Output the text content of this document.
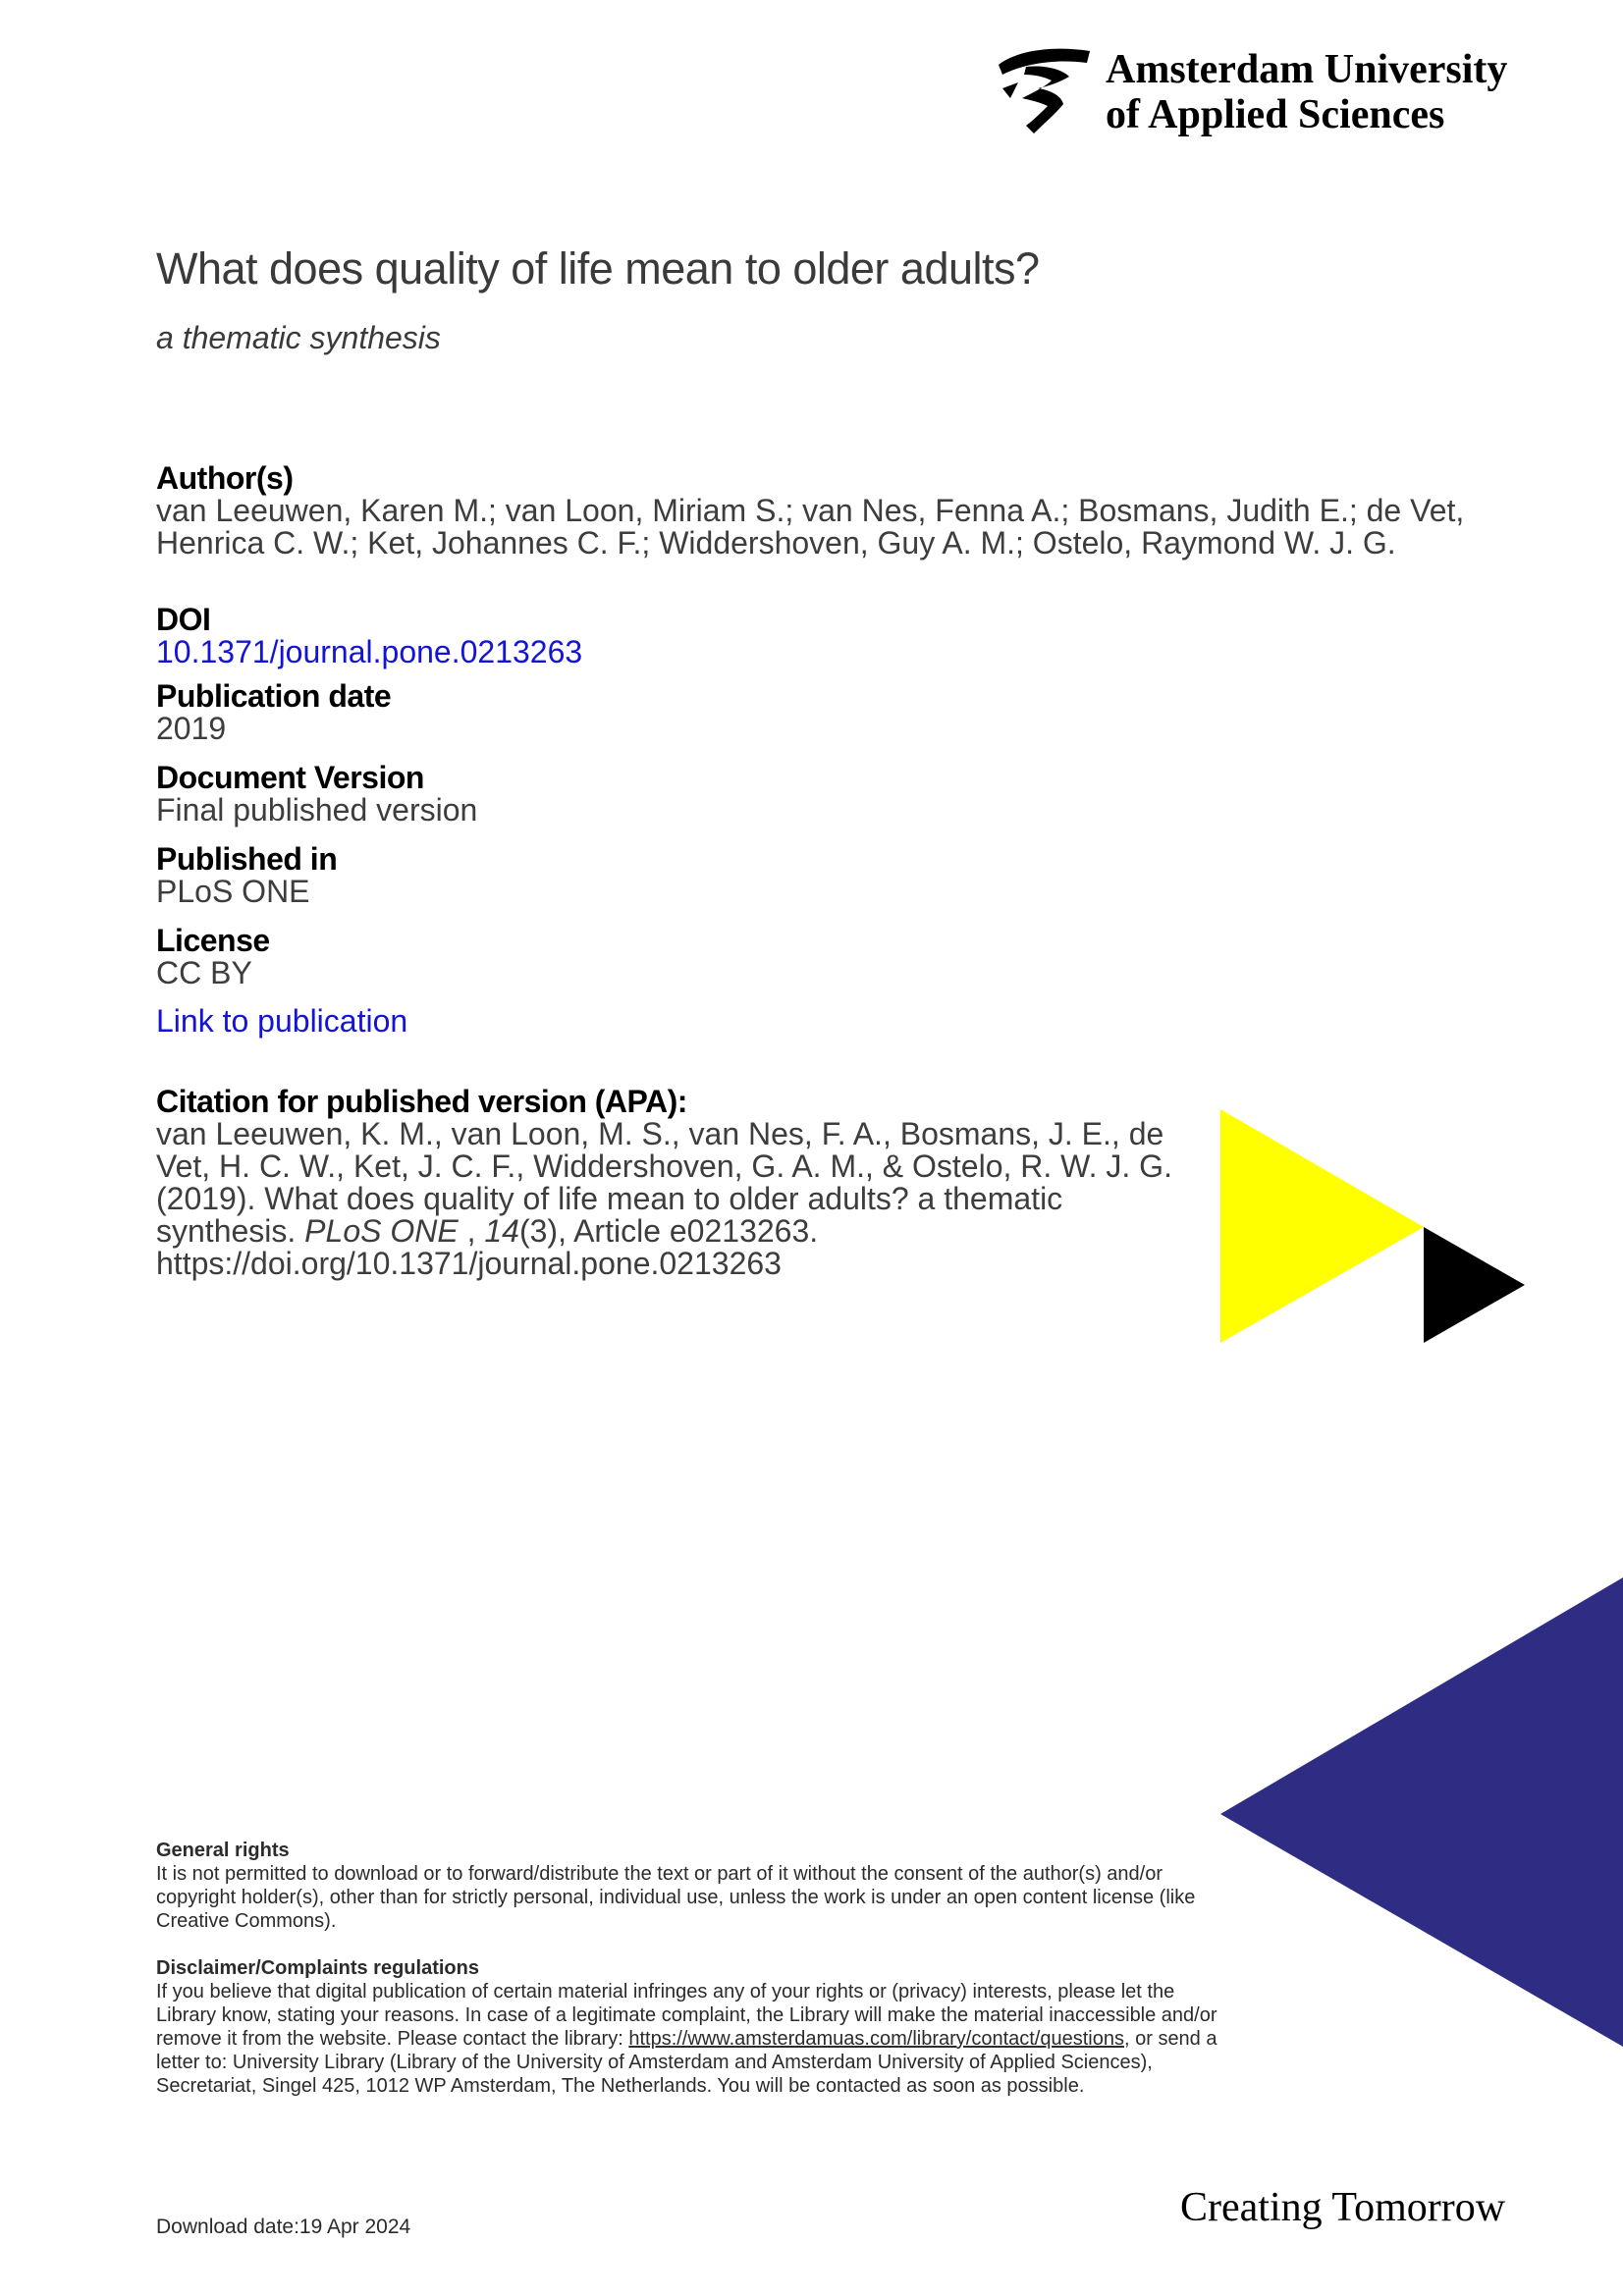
Amsterdam University
of Applied Sciences
What does quality of life mean to older adults?
a thematic synthesis
Author(s)
van Leeuwen, Karen M.; van Loon, Miriam S.; van Nes, Fenna A.; Bosmans, Judith E.; de Vet, Henrica C. W.; Ket, Johannes C. F.; Widdershoven, Guy A. M.; Ostelo, Raymond W. J. G.
DOI
10.1371/journal.pone.0213263
Publication date
2019
Document Version
Final published version
Published in
PLoS ONE
License
CC BY
Link to publication
Citation for published version (APA):
van Leeuwen, K. M., van Loon, M. S., van Nes, F. A., Bosmans, J. E., de Vet, H. C. W., Ket, J. C. F., Widdershoven, G. A. M., & Ostelo, R. W. J. G. (2019). What does quality of life mean to older adults? a thematic synthesis. PLoS ONE , 14(3), Article e0213263. https://doi.org/10.1371/journal.pone.0213263
General rights
It is not permitted to download or to forward/distribute the text or part of it without the consent of the author(s) and/or copyright holder(s), other than for strictly personal, individual use, unless the work is under an open content license (like Creative Commons).
Disclaimer/Complaints regulations
If you believe that digital publication of certain material infringes any of your rights or (privacy) interests, please let the Library know, stating your reasons. In case of a legitimate complaint, the Library will make the material inaccessible and/or remove it from the website. Please contact the library: https://www.amsterdamuas.com/library/contact/questions, or send a letter to: University Library (Library of the University of Amsterdam and Amsterdam University of Applied Sciences), Secretariat, Singel 425, 1012 WP Amsterdam, The Netherlands. You will be contacted as soon as possible.
Download date:19 Apr 2024	Creating Tomorrow
